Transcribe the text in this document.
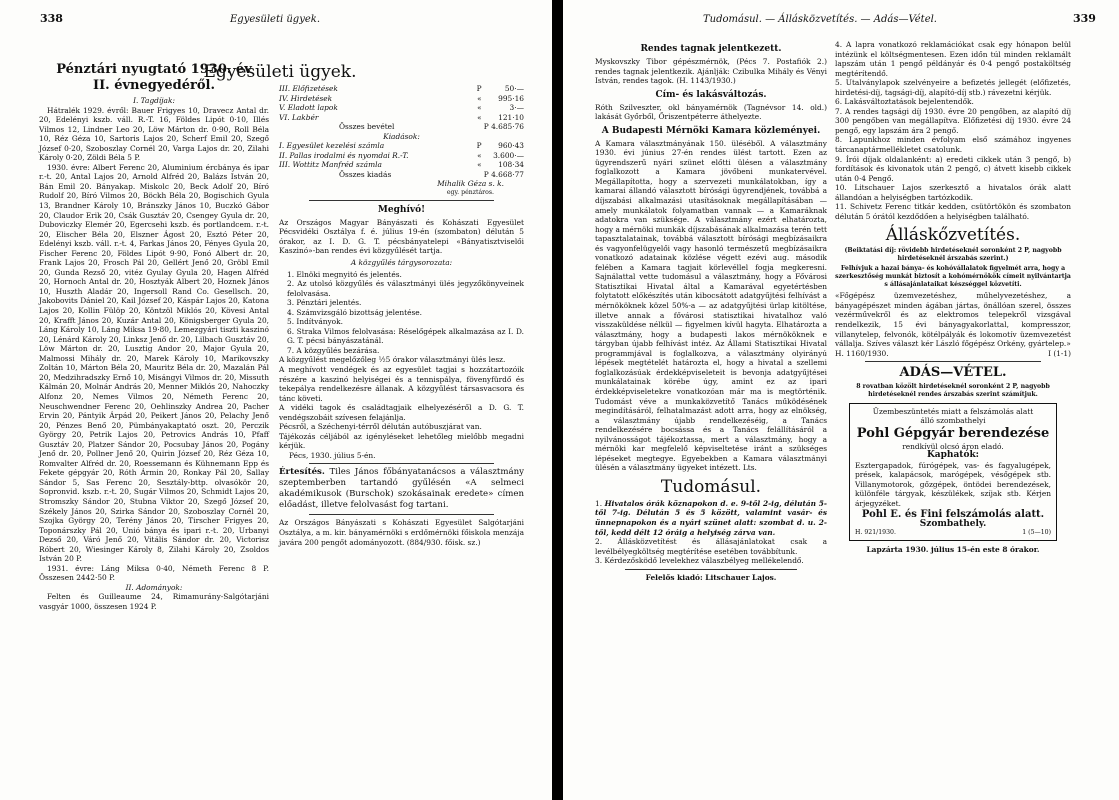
338	Egyesületi ügyek.
Pénztári nyugtató 1930. év
II. évnegyedéről.
I. Tagdíjak:

Hátralék 1929. évről: Bauer Frigyes 10, Dravecz Antal dr. 20, Edelényi kszb. váll. R.-T. 16, Földes Lipót 0·10, Illés Vilmos 12, Lindner Leo 20, Löw Márton dr. 0·90, Roll Béla 10, Réz Géza 10, Sartoris Lajos 20, Scherf Emil 20, Szegő József 0·20, Szoboszlay Cornél 20, Varga Lajos dr. 20, Zilahi Károly 0·20, Zöldi Béla 5 P.

1930. évre: Albert Ferenc 20, Aluminium ércbánya és ipar r.-t. 20, Antal Lajos 20, Arnold Alfréd 20, Balázs István 20, Bán Emil 20. Bányakap. Miskolc 20, Beck Adolf 20, Bíró Rudolf 20, Bíró Vilmos 20, Böckh Béla 20, Bogischich Gyula 13, Brandner Károly 10, Bránszky János 10, Buczkó Gábor 20, Claudor Erik 20, Csák Gusztáv 20, Csengey Gyula dr. 20, Duboviczky Elemér 20, Egercsehi kszb. és portlandcem. r.-t. 20, Elischer Béla 20, Elszner Ágost 20, Esztó Péter 20, Edelényi kszb. váll. r.-t. 4, Farkas János 20, Fényes Gyula 20, Fischer Ferenc 20, Földes Lipót 9·90, Fonó Albert dr. 20, Frank Lajos 20, Frosch Pál 20, Gellért Jenő 20, Gröbl Emil 20, Gunda Rezső 20, vitéz Gyulay Gyula 20, Hagen Alfréd 20, Hornoch Antal dr. 20, Hosztyák Albert 20, Hoznek János 10, Huszth Aladár 20, Ingersoll Rand Co. Gesellsch. 20, Jakobovits Dániel 20, Kail József 20, Káspár Lajos 20, Katona Lajos 20, Kollin Fülöp 20, Köntzöl Miklós 20, Kövesi Antal 20, Krafft János 20, Kuzár Antal 20, Königsberger Gyula 20, Láng Károly 10, Láng Miksa 19·80, Lemezgyári tiszti kaszinó 20, Lénárd Károly 20, Linksz Jenő dr. 20, Lilbach Gusztáv 20, Löw Márton dr. 20, Lusztig Andor 20, Major Gyula 20, Malmossi Mihály dr. 20, Marek Károly 10, Marikovszky Zoltán 10, Márton Béla 20, Mauritz Béla dr. 20, Mazalán Pál 20, Medzihradszky Ernő 10, Misángyi Vilmos dr. 20, Missuth Kálmán 20, Molnár András 20, Menner Miklós 20, Nahoczky Alfonz 20, Nemes Vilmos 20, Németh Ferenc 20, Neuschwendner Ferenc 20, Oehlinszky Andrea 20, Pacher Ervin 20, Pántyik Árpád 20, Peikert János 20, Pelachy Jenő 20, Pénzes Benő 20, Pümbányakaptató oszt. 20, Perczik György 20, Petrik Lajos 20, Petrovics András 10, Pfaff Gusztáv 20, Platzer Sándor 20, Pocsubay János 20, Pogány Jenő dr. 20, Pollner Jenő 20, Quirin József 20, Réz Géza 10, Romvalter Alfréd dr. 20, Roessemann és Kühnemann Epp és Fekete gépgyár 20, Róth Ármin 20, Ronkay Pál 20, Sallay Sándor 5, Sas Ferenc 20, Sesztály-bttp. olvasókör 20, Sopronvid. kszb. r.-t. 20, Sugár Vilmos 20, Schmidt Lajos 20, Stromszky Sándor 20, Stubna Viktor 20, Szegő József 20, Székely János 20, Szirka Sándor 20, Szoboszlay Cornél 20, Szojka György 20, Terény János 20, Tirscher Frigyes 20, Toponárszky Pál 20, Unió bánya és ipari r.-t. 20, Urbanyi Dezső 20, Váró Jenő 20, Vitális Sándor dr. 20, Victorisz Róbert 20, Wiesinger Károly 8, Zilahi Károly 20, Zsoldos István 20 P.

1931. évre: Láng Miksa 0·40, Németh Ferenc 8 P. Összesen 2442·50 P.

II. Adományok:

Felten és Guilleaume 24, Rimamurány-Salgótarjáni vasgyár 1000, összesen 1924 P.

Egyesületi ügyek.
III. Előfizetések	P	50·—
IV. Hirdetések	« 995·16
V. Eladott lapok	«	3·—
VI. Lakbér	« 121·10
Összes bevétel	P 4.685·76
Kiadások:
I. Egyesület kezelési számla	P 960·43
II. Pallas irodalmi és nyomdai R.-T.	« 3.600·—
III. Wottitz Manfréd számla	« 108·34
Összes kiadás	P 4.668·77
Mihalik Géza s. k.
egy. pénztáros.
Meghívó!

Az Országos Magyar Bányászati és Kohászati Egyesület Pécsvidéki Osztálya f. é. július 19-én (szombaton) délután 5 órakor, az I. D. G. T. pécsbányatelepi «Bányatisztviselői Kaszinó»-ban rendes évi közgyűlését tartja.

A közgyűlés tárgysorozata:

1. Elnöki megnyitó és jelentés.

2. Az utolsó közgyűlés és választmányi ülés jegyzőkönyveinek felolvasása.

3. Pénztári jelentés.

4. Számvizsgáló bizottság jelentése.

5. Indítványok.

6. Straka Vilmos felolvasása: Réselőgépek alkalmazása az I. D. G. T. pécsi bányászatánál.

7. A közgyűlés bezárása.

A közgyűlést megelőzőleg ½5 órakor választmányi ülés lesz.

A meghívott vendégek és az egyesület tagjai s hozzátartozóik részére a kaszinó helyiségei és a tennispálya, fövenyfürdő és tekepálya rendelkezésre állanak. A közgyűlést társasvacsora és tánc követi.

A vidéki tagok és családtagjaik elhelyezéséről a D. G. T. vendégszobáit szívesen felajánlja.

Pécsről, a Széchenyi-térről délután autóbuszjárat van.

Tájékozás céljából az igényléseket lehetőleg mielőbb megadni kérjük.

Pécs, 1930. július 5-én.

Értesítés. Tiles János főbányatanácsos a választmány szeptemberben tartandó gyűlésén «A selmeci akadémikusok (Burschok) szokásainak eredete» címen előadást, illetve felolvasást fog tartani.

Az Országos Bányászati s Kohászati Egyesület Salgótarjáni Osztálya, a m. kir. bányamérnöki s erdőmérnöki főiskola menzája javára 200 pengőt adományozott. (884/930. főisk. sz.)

Tudomásul. — Állásközvetítés. — Adás—Vétel.	339
Rendes tagnak jelentkezett.

Myskovszky Tibor gépészmérnök, (Pécs 7. Postafiók 2.) rendes tagnak jelentkezik. Ajánlják: Czibulka Mihály és Vényi István, rendes tagok. (H. 1143/1930.)

Cím- és lakásváltozás.

Róth Szilveszter, okl bányamérnök (Tagnévsor 14. old.) lakását Győrből, Őriszentpéterre áthelyezte.

A Budapesti Mérnöki Kamara közleményei.

A Kamara választmányának 150. üléséből. A választmány 1930. évi június 27-én rendes ülést tartott. Ezen az ügyrendszerű nyári szünet előtti ülésen a választmány foglalkozott a Kamara jövőbeni munkatervével. Megállapította, hogy a szervezeti munkálatokban, így a kamarai állandó választott bírósági ügyrendjének, továbbá a díjszabási alkalmazási utasításoknak megállapításában — amely munkálatok folyamatban vannak — a Kamaráknak adatokra van szüksége. A választmány ezért elhatározta, hogy a mérnöki munkák díjszabásának alkalmazása terén tett tapasztalatainak, továbbá választott bírósági megbízásaikra és vagyonfelügyelői vagy hasonló természetű megbízásaikra vonatkozó adatainak közlése végett ezévi aug. második felében a Kamara tagjait körlevéllel fogja megkeresni. Sajnálattal vette tudomásul a választmány, hogy a Fővárosi Statisztikai Hivatal által a Kamarával egyetértésben folytatott előkészítés után kibocsátott adatgyűjtési felhívást a mérnököknek közel 50%-a — az adatgyűjtési ürlap kitöltése, illetve annak a fővárosi statisztikai hivatalhoz való visszaküldése nélkül — figyelmen kívül hagyta. Elhatározta a választmány, hogy a budapesti lakos mérnököknek e tárgyban újabb felhívást intéz. Az Állami Statisztikai Hivatal programmjával is foglalkozva, a választmány olyirányú lépések megtételét határozta el, hogy a hivatal a szellemi foglalkozásúak érdekképviseleteit is bevonja adatgyűjtései munkálatainak körébe úgy, amint ez az ipari érdekképviseletekre vonatkozóan már ma is megtörténik. Tudomást véve a munkaközvetítő Tanács működésének megindításáról, felhatalmazást adott arra, hogy az elnökség, a választmány újabb rendelkezéséig, a Tanács rendelkezésére bocsássa és a Tanács felállításáról a nyilvánosságot tájékoztassa, mert a választmány, hogy a mérnöki kar megfelelő képviseltetése iránt a szükséges lépéseket megtegye. Egyebekben a Kamara választmányi ülésén a választmány ügyeket intézett. Lts.

Tudomásul.

1. Hivatalos órák köznapokon d. e. 9-től 2-ig, délután 5-től 7-ig. Délután 5 és 5 között, valamint vasár- és ünnepnapokon és a nyári szünet alatt: szombat d. u. 2-től, kedd délt 12 óráig a helyiség zárva van.

2. Állásközvetítést és állásajánlatokat csak a levélbélyegköltség megtérítése esetében továbbítunk.

3. Kérdezősködő levelekhez válaszbélyeg mellékelendő.

Felelős kiadó: Litschauer Lajos.

4. A lapra vonatkozó reklamációkat csak egy hónapon belül intézünk el költségmentesen. Ezen időn túl minden reklamált lapszám után 1 pengő példányár és 0·4 pengő postaköltség megtérítendő.

5. Utalványlapok szelvényeire a befizetés jellegét (előfizetés, hirdetési-díj, tagsági-díj, alapító-díj stb.) rávezetni kérjük.

6. Lakásváltoztatások bejelentendők.

7. A rendes tagsági díj 1930. évre 20 pengőben, az alapító díj 300 pengőben van megállapítva. Előfizetési díj 1930. évre 24 pengő, egy lapszám ára 2 pengő.

8. Lapunkhoz minden évfolyam első számához ingyenes tárcanaptármellékletet csatolunk.

9. Írói díjak oldalanként: a) eredeti cikkek után 3 pengő, b) fordítások és kivonatok után 2 pengő, c) átvett kisebb cikkek után 0·4 Pengő.

10. Litschauer Lajos szerkesztő a hivatalos órák alatt állandóan a helyiségben tartózkodik.

11. Schivetz Ferenc titkár kedden, csütörtökön és szombaton délután 5 órától kezdődően a helyiségben található.

Álláskőzvetítés.
(Beiktatási díj: rövidebb hirdetéseknél soronként 2 P, nagyobb hirdetéseknél árszabás szerint.)
Felhívjuk a hazai bánya- és kohóvállalatok figyelmét arra, hogy a szerkesztőség munkát biztosít a kohómérnökök címeit nyilvántartja s állásajánlataikat készséggel közvetíti.

«Főgépész üzemvezetéshez, műhelyvezetéshez, a bányagépészet minden ágában jártas, önállóan szerel, összes vezérművekről és az elektromos telepekről vizsgával rendelkezik, 15 évi bányagyakorlattal, kompresszor, villanytelep, felvonók, kötélpályák és lokomotív üzemvezetést vállalja. Szíves választ kér László főgépész Orkény, gyártelep.»

H. 1160/1930.	I (1-1)
ADÁS—VÉTEL.
8 rovatban közölt hirdetéseknél soronként 2 P, nagyobb hirdetéseknél rendes árszabás szerint számítjuk.
Üzembeszüntetés miatt a felszámolás alatt
álló szombathelyi
Pohl Gépgyár berendezése
rendkívül olcsó áron eladó.
Kaphatók:
Esztergapadok, fúrógépek, vas- és fagyalugépek, prések, kalapácsok, marógépek, vésőgépek stb. Villanymotorok, gőzgépek, öntödei berendezések, különféle tárgyak, készülékek, szíjak stb. Kérjen árjegyzéket.
Pohl E. és Fini felszámolás alatt.
Szombathely.
H. 921/1930.	1 (5—10)
Lapzárta 1930. július 15-én este 8 órakor.
